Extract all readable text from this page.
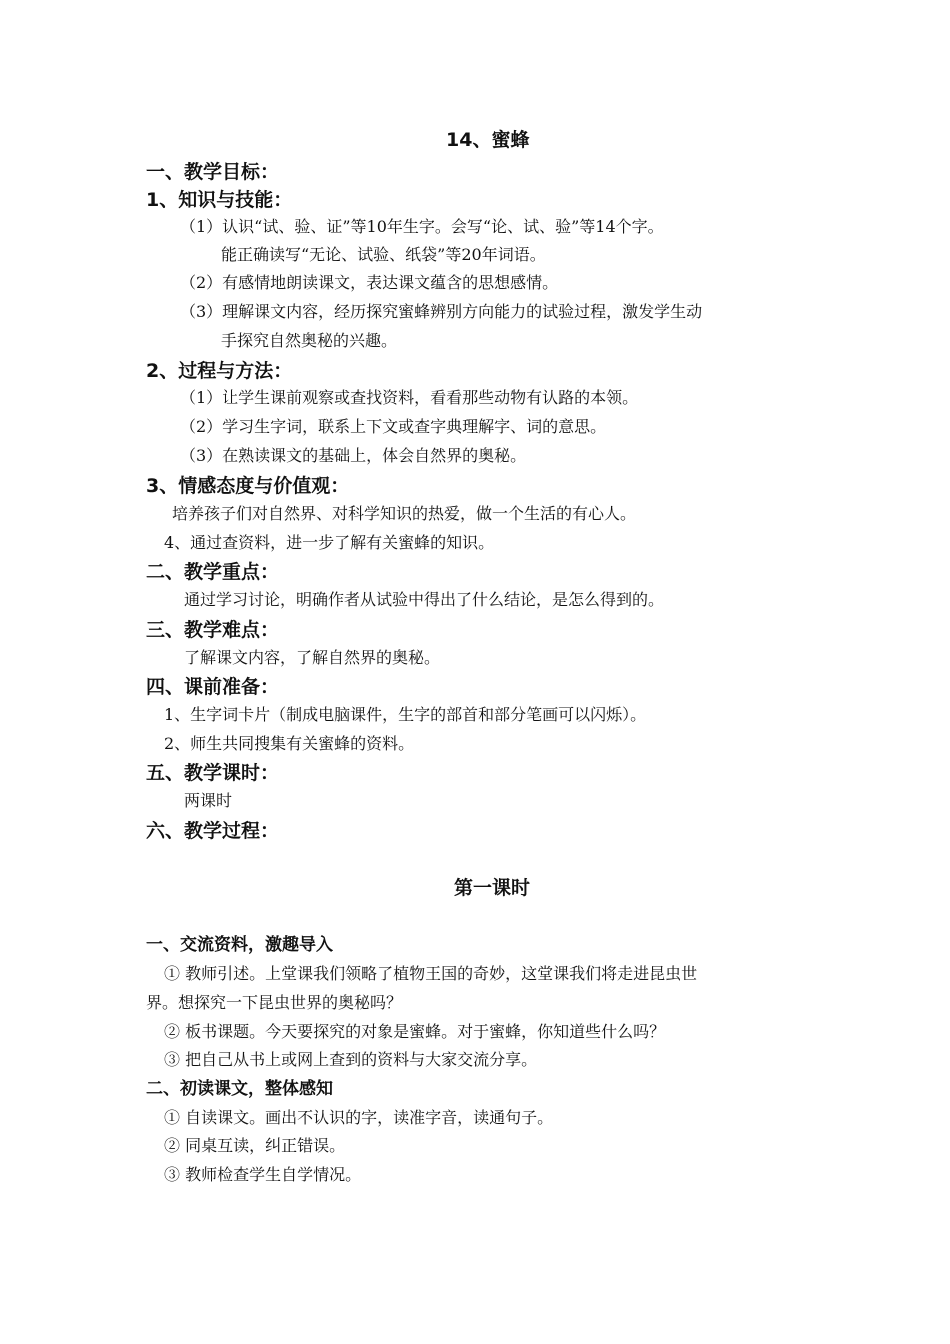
14、蜜蜂
一、教学目标：
1、知识与技能：
（1）认识“试、验、证”等10年生字。会写“论、试、验”等14个字。
能正确读写“无论、试验、纸袋”等20年词语。
（2）有感情地朗读课文，表达课文蕴含的思想感情。
（3）理解课文内容，经历探究蜜蜂辨别方向能力的试验过程，激发学生动
手探究自然奥秘的兴趣。
2、过程与方法：
（1）让学生课前观察或查找资料，看看那些动物有认路的本领。
（2）学习生字词，联系上下文或查字典理解字、词的意思。
（3）在熟读课文的基础上，体会自然界的奥秘。
3、情感态度与价值观：
培养孩子们对自然界、对科学知识的热爱，做一个生活的有心人。
4、通过查资料，进一步了解有关蜜蜂的知识。
二、教学重点：
通过学习讨论，明确作者从试验中得出了什么结论，是怎么得到的。
三、教学难点：
了解课文内容，了解自然界的奥秘。
四、课前准备：
1、生字词卡片（制成电脑课件，生字的部首和部分笔画可以闪烁）。
2、师生共同搜集有关蜜蜂的资料。
五、教学课时：
两课时
六、教学过程：
第一课时
一、交流资料，激趣导入
① 教师引述。上堂课我们领略了植物王国的奇妙，这堂课我们将走进昆虫世
界。想探究一下昆虫世界的奥秘吗？
② 板书课题。今天要探究的对象是蜜蜂。对于蜜蜂，你知道些什么吗？
③ 把自己从书上或网上查到的资料与大家交流分享。
二、初读课文，整体感知
① 自读课文。画出不认识的字，读准字音，读通句子。
② 同桌互读，纠正错误。
③ 教师检查学生自学情况。
